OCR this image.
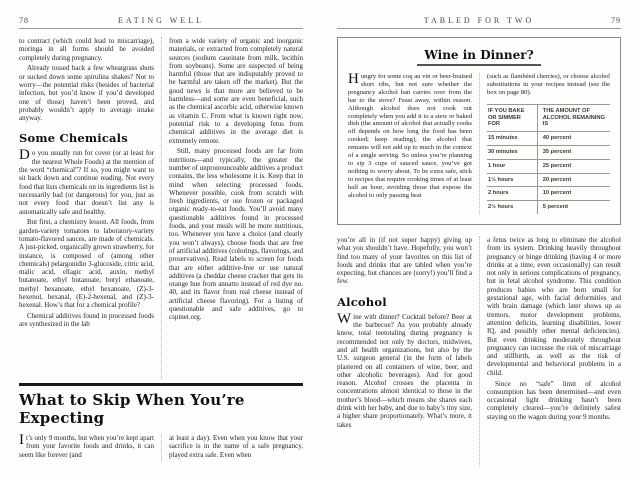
78	EATING WELL

to contract (which could lead to miscarriage), moringa in all forms should be avoided completely during pregnancy.

Already tossed back a few wheatgrass shots or sucked down some spirulina shakes? Not to worry—the potential risks (besides of bacterial infection, but you’d know if you’d developed one of those) haven’t been proved, and probably wouldn’t apply to average intake anyway.

Some Chemicals

Do you usually run for cover (or at least for the nearest Whole Foods) at the mention of the word “chemical”? If so, you might want to sit back down and continue reading. Not every food that lists chemicals on its ingredients list is necessarily bad (or dangerous) for you, just as not every food that doesn’t list any is automatically safe and healthy.

But first, a chemistry lesson. All foods, from garden-variety tomatoes to laboratory-variety tomato-flavored sauces, are made of chemicals. A just-picked, organically grown strawberry, for instance, is composed of (among other chemicals) pelargonidin 3-glucoside, citric acid, malic acid, ellagic acid, auxin, methyl butanoate, ethyl butanoate, butyl ethanoate, methyl hexanoate, ethyl hexanoate, (Z)-3-hexenol, hexanal, (E)-2-hexenal, and (Z)-3-hexenal. How’s that for a chemical profile?

Chemical additives found in processed foods are synthesized in the lab

from a wide variety of organic and inorganic materials, or extracted from completely natural sources (sodium caseinate from milk, lecithin from soybeans). Some are suspected of being harmful (those that are indisputably proved to be harmful are taken off the market). But the good news is that more are believed to be harmless—and some are even beneficial, such as the chemical ascorbic acid, otherwise known as vitamin C. From what is known right now, potential risk to a developing fetus from chemical additives in the average diet is extremely remote.

Still, many processed foods are far from nutritious—and typically, the greater the number of unpronounceable additives a product contains, the less wholesome it is. Keep that in mind when selecting processed foods. Whenever possible, cook from scratch with fresh ingredients, or use frozen or packaged organic ready-to-eat foods. You’ll avoid many questionable additives found in processed foods, and your meals will be more nutritious, too. Whenever you have a choice (and clearly you won’t always), choose foods that are free of artificial additives (colorings, flavorings, and preservatives). Read labels to screen for foods that are either additive-free or use natural additives (a cheddar cheese cracker that gets its orange hue from annatto instead of red dye no. 40, and its flavor from real cheese instead of artificial cheese flavoring). For a listing of questionable and safe additives, go to cspinet.org.

What to Skip When You’re Expecting

It’s only 9 months, but when you’re kept apart from your favorite foods and drinks, it can seem like forever (and

at least a day). Even when you know that your sacrifice is in the name of a safe pregnancy, played extra safe. Even when

TABLED FOR TWO	79
Wine in Dinner?

Hungry for some coq au vin or beer-braised short ribs, but not sure whether the pregnancy alcohol ban carries over from the bar to the stove? Feast away, within reason. Although alcohol does not cook out completely when you add it to a stew or baked dish (the amount of alcohol that actually cooks off depends on how long the food has been cooked; keep reading), the alcohol that remains will not add up to much in the context of a single serving. So unless you’re planning to sip 3 cups of sauced sauce, you’ve got nothing to worry about. To be extra safe, stick to recipes that require cooking times of at least half an hour, avoiding those that expose the alcohol to only passing heat

(such as flambéed cherries), or choose alcohol substitutions in your recipes instead (see the box on page 80).

IF YOU BAKE OR SIMMER FOR	THE AMOUNT OF ALCOHOL REMAINING IS
15 minutes	40 percent
30 minutes	35 percent
1 hour	25 percent
1½ hours	20 percent
2 hours	10 percent
2½ hours	5 percent

you’re all in (if not super happy) giving up what you shouldn’t have. Hopefully, you won’t find too many of your favorites on this list of foods and drinks that are tabled when you’re expecting, but chances are (sorry!) you’ll find a few.

Alcohol

Wine with dinner? Cocktail before? Beer at the barbecue? As you probably already know, total teetotaling during pregnancy is recommended not only by doctors, midwives, and all health organizations, but also by the U.S. surgeon general (in the form of labels plastered on all containers of wine, beer, and other alcoholic beverages). And for good reason. Alcohol crosses the placenta in concentrations almost identical to those in the mother’s blood—which means she shares each drink with her baby, and due to baby’s tiny size, a higher share proportionately. What’s more, it takes

a fetus twice as long to eliminate the alcohol from its system. Drinking heavily throughout pregnancy or binge drinking (having 4 or more drinks at a time, even occasionally) can result not only in serious complications of pregnancy, but in fetal alcohol syndrome. This condition produces babies who are born small for gestational age, with facial deformities and with brain damage (which later shows up as tremors, motor development problems, attention deficits, learning disabilities, lower IQ, and possibly other mental deficiencies). But even drinking moderately throughout pregnancy can increase the risk of miscarriage and stillbirth, as well as the risk of developmental and behavioral problems in a child.

Since no “safe” limit of alcohol consumption has been determined—and even occasional light drinking hasn’t been completely cleared—you’re definitely safest staying on the wagon during your 9 months.
